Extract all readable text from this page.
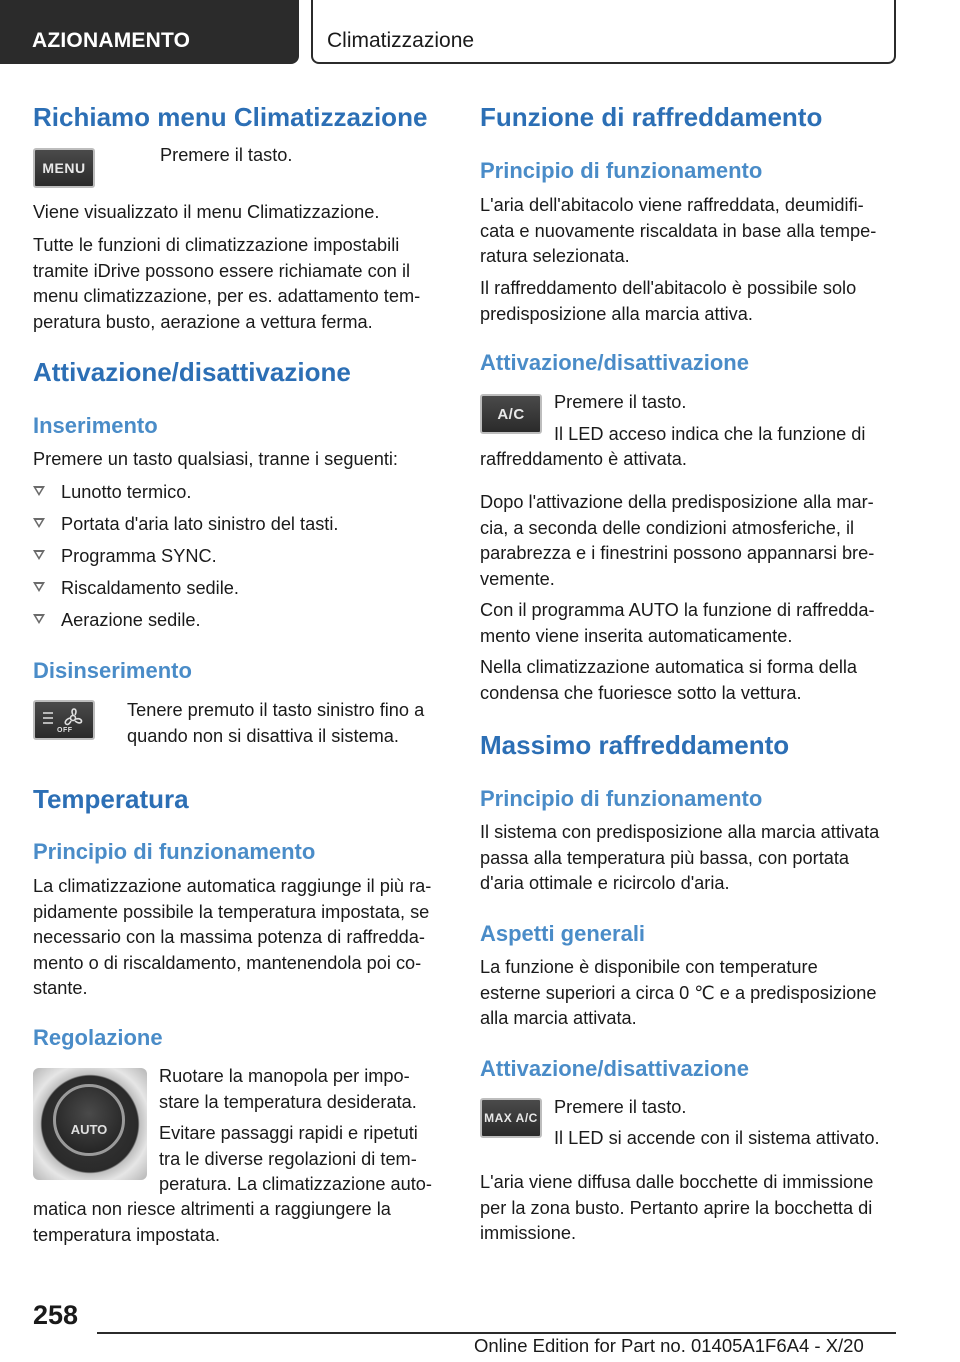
AZIONAMENTO	Climatizzazione
Richiamo menu Climatizzazione
MENU
Premere il tasto.
Viene visualizzato il menu Climatizzazione.
Tutte le funzioni di climatizzazione impostabili
tramite iDrive possono essere richiamate con il
menu climatizzazione, per es. adattamento tem-
peratura busto, aerazione a vettura ferma.
Attivazione/disattivazione
Inserimento
Premere un tasto qualsiasi, tranne i seguenti:
Lunotto termico.
Portata d'aria lato sinistro del tasti.
Programma SYNC.
Riscaldamento sedile.
Aerazione sedile.
Disinserimento
OFF
Tenere premuto il tasto sinistro fino a
quando non si disattiva il sistema.
Temperatura
Principio di funzionamento
La climatizzazione automatica raggiunge il più ra-
pidamente possibile la temperatura impostata, se
necessario con la massima potenza di raffredda-
mento o di riscaldamento, mantenendola poi co-
stante.
Regolazione
AUTO
Ruotare la manopola per impo-
stare la temperatura desiderata.
Evitare passaggi rapidi e ripetuti
tra le diverse regolazioni di tem-
peratura. La climatizzazione auto-
matica non riesce altrimenti a raggiungere la
temperatura impostata.
Funzione di raffreddamento
Principio di funzionamento
L'aria dell'abitacolo viene raffreddata, deumidifi-
cata e nuovamente riscaldata in base alla tempe-
ratura selezionata.
Il raffreddamento dell'abitacolo è possibile solo
predisposizione alla marcia attiva.
Attivazione/disattivazione
A/C
Premere il tasto.
Il LED acceso indica che la funzione di
raffreddamento è attivata.
Dopo l'attivazione della predisposizione alla mar-
cia, a seconda delle condizioni atmosferiche, il
parabrezza e i finestrini possono appannarsi bre-
vemente.
Con il programma AUTO la funzione di raffredda-
mento viene inserita automaticamente.
Nella climatizzazione automatica si forma della
condensa che fuoriesce sotto la vettura.
Massimo raffreddamento
Principio di funzionamento
Il sistema con predisposizione alla marcia attivata
passa alla temperatura più bassa, con portata
d'aria ottimale e ricircolo d'aria.
Aspetti generali
La funzione è disponibile con temperature
esterne superiori a circa 0 ℃ e a predisposizione
alla marcia attivata.
Attivazione/disattivazione
MAX A/C
Premere il tasto.
Il LED si accende con il sistema attivato.
L'aria viene diffusa dalle bocchette di immissione
per la zona busto. Pertanto aprire la bocchetta di
immissione.
258
Online Edition for Part no. 01405A1F6A4 - X/20
